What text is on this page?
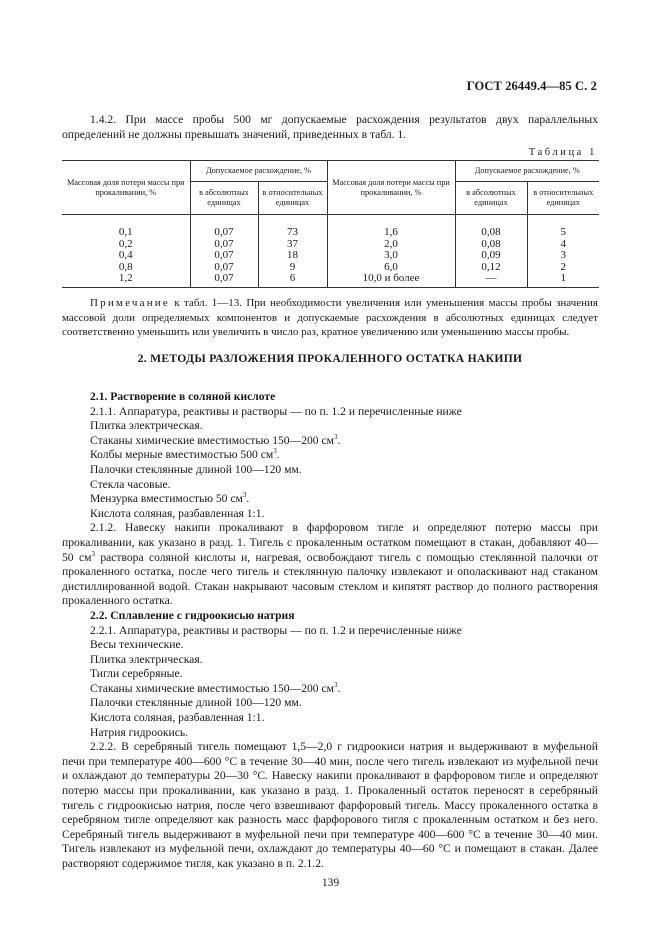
ГОСТ 26449.4—85 С. 2

1.4.2. При массе пробы 500 мг допускаемые расхождения результатов двух параллельных определений не должны превышать значений, приведенных в табл. 1.

Таблица 1
Массовая доля потери массы при прокаливании, %	Допускаемое расхождение, %		Массовая доля потери массы при прокаливании, %	Допускаемое расхождение, %	
	в абсолютных единицах	в относительных единицах		в абсолютных единицах	в относительных единицах
0,1	0,07	73	1,6	0,08	5
0,2	0,07	37	2,0	0,08	4
0,4	0,07	18	3,0	0,09	3
0,8	0,07	9	6,0	0,12	2
1,2	0,07	6	10,0 и более	—	1

Примечание к табл. 1—13. При необходимости увеличения или уменьшения массы пробы значения массовой доли определяемых компонентов и допускаемые расхождения в абсолютных единицах следует соответственно уменьшить или увеличить в число раз, кратное увеличению или уменьшению массы пробы.

2. МЕТОДЫ РАЗЛОЖЕНИЯ ПРОКАЛЕННОГО ОСТАТКА НАКИПИ
2.1. Растворение в соляной кислоте
2.1.1. Аппаратура, реактивы и растворы — по п. 1.2 и перечисленные ниже
Плитка электрическая.
Стаканы химические вместимостью 150—200 $см^3$.
Колбы мерные вместимостью 500 $см^3$.
Палочки стеклянные длиной 100—120 мм.
Стекла часовые.
Мензурка вместимостью 50 $см^3$.
Кислота соляная, разбавленная 1:1.

2.1.2. Навеску накипи прокаливают в фарфоровом тигле и определяют потерю массы при прокаливании, как указано в разд. 1. Тигель с прокаленным остатком помещают в стакан, добавляют 40—50 $см^3$ раствора соляной кислоты и, нагревая, освобождают тигель с помощью стеклянной палочки от прокаленного остатка, после чего тигель и стеклянную палочку извлекают и ополаскивают над стаканом дистиллированной водой. Стакан накрывают часовым стеклом и кипятят раствор до полного растворения прокаленного остатка.

2.2. Сплавление с гидроокисью натрия
2.2.1. Аппаратура, реактивы и растворы — по п. 1.2 и перечисленные ниже
Весы технические.
Плитка электрическая.
Тигли серебряные.
Стаканы химические вместимостью 150—200 $см^3$.
Палочки стеклянные длиной 100—120 мм.
Кислота соляная, разбавленная 1:1.
Натрия гидроокись.

2.2.2. В серебряный тигель помещают 1,5—2,0 г гидроокиси натрия и выдерживают в муфельной печи при температуре 400—600 °С в течение 30—40 мин, после чего тигель извлекают из муфельной печи и охлаждают до температуры 20—30 °С. Навеску накипи прокаливают в фарфоровом тигле и определяют потерю массы при прокаливании, как указано в разд. 1. Прокаленный остаток переносят в серебряный тигель с гидроокисью натрия, после чего взвешивают фарфоровый тигель. Массу прокаленного остатка в серебряном тигле определяют как разность масс фарфорового тигля с прокаленным остатком и без него. Серебряный тигель выдерживают в муфельной печи при температуре 400—600 °С в течение 30—40 мин. Тигель извлекают из муфельной печи, охлаждают до температуры 40—60 °С и помещают в стакан. Далее растворяют содержимое тигля, как указано в п. 2.1.2.

139
